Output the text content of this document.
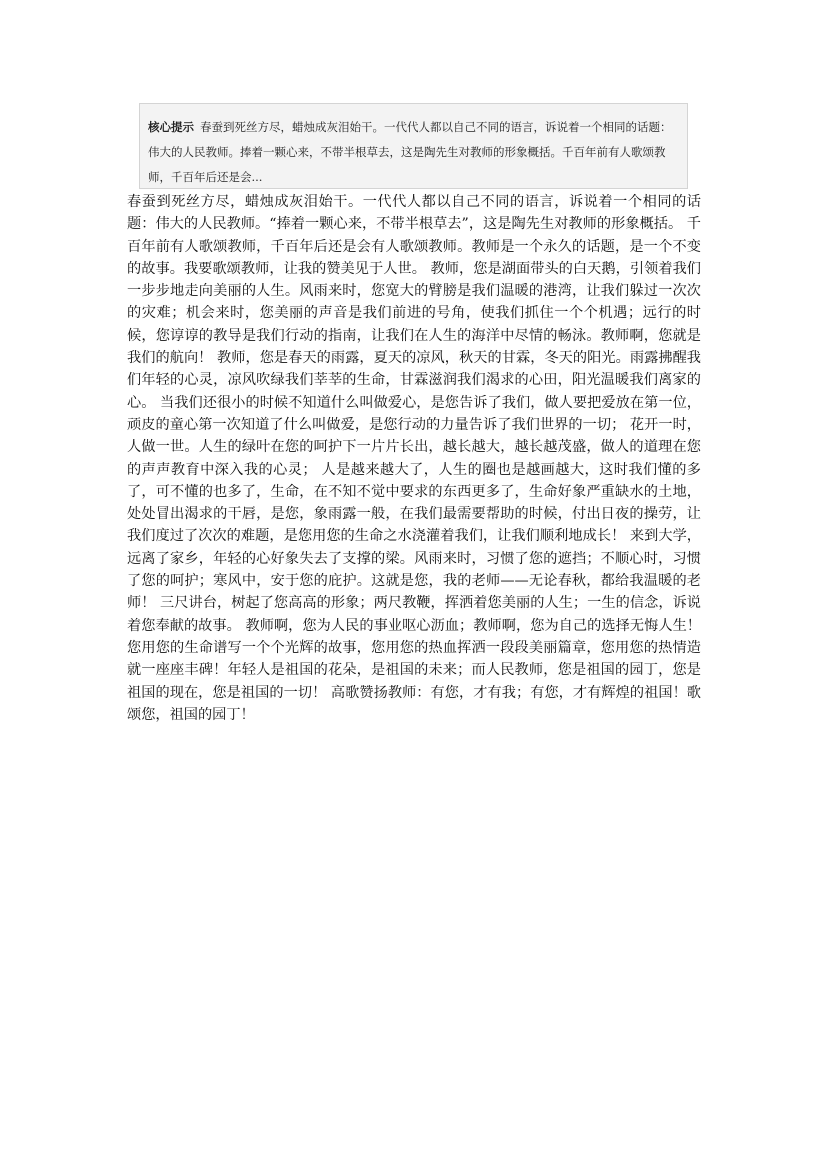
核心提示 春蚕到死丝方尽，蜡烛成灰泪始干。一代代人都以自己不同的语言，诉说着一个相同的话题：伟大的人民教师。捧着一颗心来，不带半根草去，这是陶先生对教师的形象概括。千百年前有人歌颂教师，千百年后还是会...
春蚕到死丝方尽，蜡烛成灰泪始干。一代代人都以自己不同的语言，诉说着一个相同的话题：伟大的人民教师。“捧着一颗心来，不带半根草去”，这是陶先生对教师的形象概括。 千百年前有人歌颂教师，千百年后还是会有人歌颂教师。教师是一个永久的话题，是一个不变的故事。我要歌颂教师，让我的赞美见于人世。 教师，您是湖面带头的白天鹅，引领着我们一步步地走向美丽的人生。风雨来时，您宽大的臂膀是我们温暖的港湾，让我们躲过一次次的灾难；机会来时，您美丽的声音是我们前进的号角，使我们抓住一个个机遇；远行的时候，您谆谆的教导是我们行动的指南，让我们在人生的海洋中尽情的畅泳。教师啊，您就是我们的航向！ 教师，您是春天的雨露，夏天的凉风，秋天的甘霖，冬天的阳光。雨露拂醒我们年轻的心灵，凉风吹绿我们莘莘的生命，甘霖滋润我们渴求的心田，阳光温暖我们离家的心。 当我们还很小的时候不知道什么叫做爱心，是您告诉了我们，做人要把爱放在第一位，顽皮的童心第一次知道了什么叫做爱，是您行动的力量告诉了我们世界的一切； 花开一时，人做一世。人生的绿叶在您的呵护下一片片长出，越长越大，越长越茂盛，做人的道理在您的声声教育中深入我的心灵； 人是越来越大了，人生的圈也是越画越大，这时我们懂的多了，可不懂的也多了，生命，在不知不觉中要求的东西更多了，生命好象严重缺水的土地，处处冒出渴求的干唇，是您，象雨露一般，在我们最需要帮助的时候，付出日夜的操劳，让我们度过了次次的难题，是您用您的生命之水浇灌着我们，让我们顺利地成长！ 来到大学，远离了家乡，年轻的心好象失去了支撑的梁。风雨来时，习惯了您的遮挡；不顺心时，习惯了您的呵护；寒风中，安于您的庇护。这就是您，我的老师——无论春秋，都给我温暖的老师！ 三尺讲台，树起了您高高的形象；两尺教鞭，挥洒着您美丽的人生；一生的信念，诉说着您奉献的故事。 教师啊，您为人民的事业呕心沥血；教师啊，您为自己的选择无悔人生！您用您的生命谱写一个个光辉的故事，您用您的热血挥洒一段段美丽篇章，您用您的热情造就一座座丰碑！年轻人是祖国的花朵，是祖国的未来；而人民教师，您是祖国的园丁，您是祖国的现在，您是祖国的一切！ 高歌赞扬教师：有您，才有我；有您，才有辉煌的祖国！歌颂您，祖国的园丁！
